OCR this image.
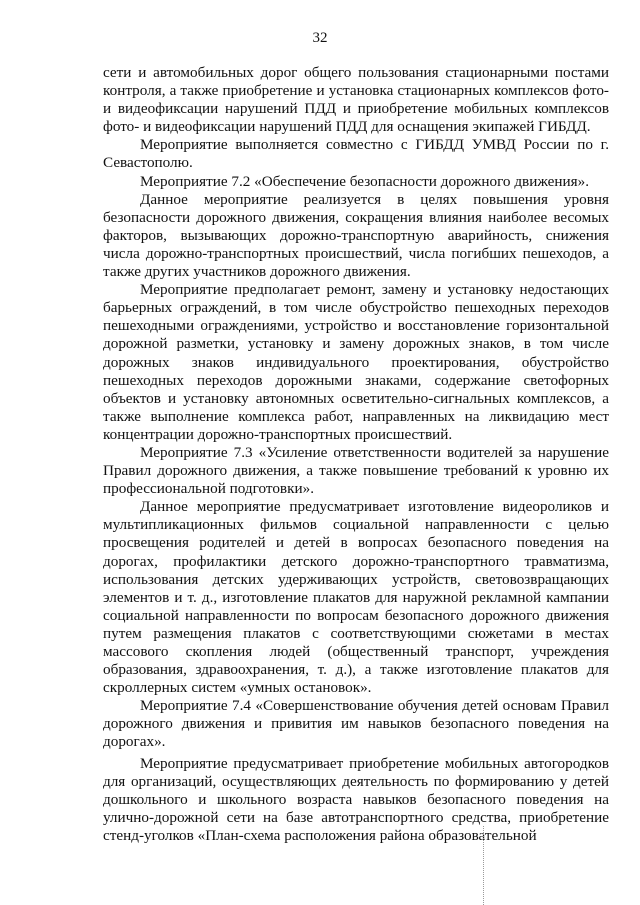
32

сети и автомобильных дорог общего пользования стационарными постами контроля, а также приобретение и установка стационарных комплексов фото- и видеофиксации нарушений ПДД и приобретение мобильных комплексов фото- и видеофиксации нарушений ПДД для оснащения экипажей ГИБДД.

Мероприятие выполняется совместно с ГИБДД УМВД России по г. Севастополю.

Мероприятие 7.2 «Обеспечение безопасности дорожного движения».

Данное мероприятие реализуется в целях повышения уровня безопасности дорожного движения, сокращения влияния наиболее весомых факторов, вызывающих дорожно-транспортную аварийность, снижения числа дорожно-транспортных происшествий, числа погибших пешеходов, а также других участников дорожного движения.

Мероприятие предполагает ремонт, замену и установку недостающих барьерных ограждений, в том числе обустройство пешеходных переходов пешеходными ограждениями, устройство и восстановление горизонтальной дорожной разметки, установку и замену дорожных знаков, в том числе дорожных знаков индивидуального проектирования, обустройство пешеходных переходов дорожными знаками, содержание светофорных объектов и установку автономных осветительно-сигнальных комплексов, а также выполнение комплекса работ, направленных на ликвидацию мест концентрации дорожно-транспортных происшествий.

Мероприятие 7.3 «Усиление ответственности водителей за нарушение Правил дорожного движения, а также повышение требований к уровню их профессиональной подготовки».

Данное мероприятие предусматривает изготовление видеороликов и мультипликационных фильмов социальной направленности с целью просвещения родителей и детей в вопросах безопасного поведения на дорогах, профилактики детского дорожно-транспортного травматизма, использования детских удерживающих устройств, световозвращающих элементов и т. д., изготовление плакатов для наружной рекламной кампании социальной направленности по вопросам безопасного дорожного движения путем размещения плакатов с соответствующими сюжетами в местах массового скопления людей (общественный транспорт, учреждения образования, здравоохранения, т. д.), а также изготовление плакатов для скроллерных систем «умных остановок».

Мероприятие 7.4 «Совершенствование обучения детей основам Правил дорожного движения и привития им навыков безопасного поведения на дорогах».

Мероприятие предусматривает приобретение мобильных автогородков для организаций, осуществляющих деятельность по формированию у детей дошкольного и школьного возраста навыков безопасного поведения на улично-дорожной сети на базе автотранспортного средства, приобретение стенд-уголков «План-схема расположения района образовательной
